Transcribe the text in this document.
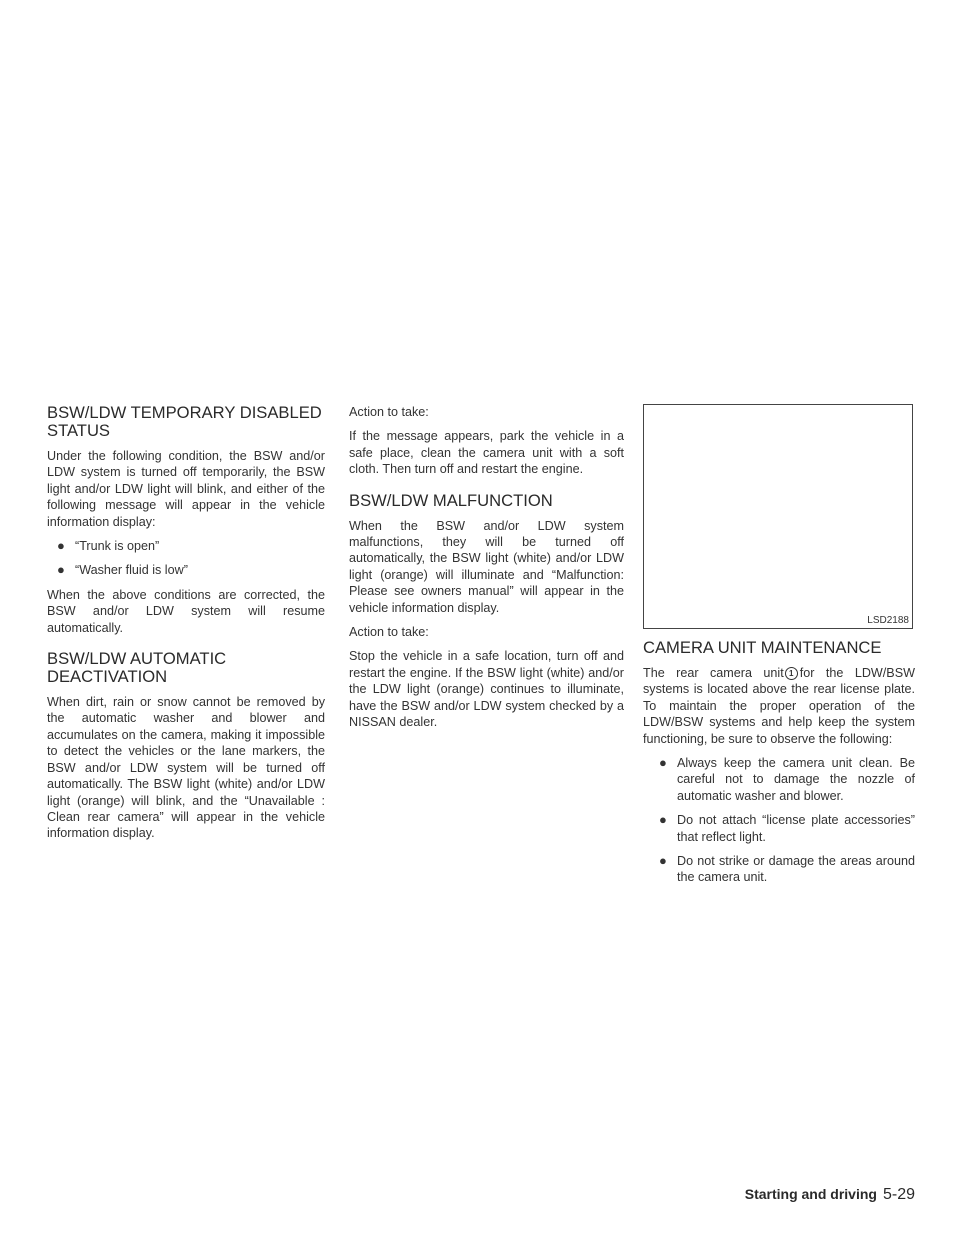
BSW/LDW TEMPORARY DISABLED STATUS

Under the following condition, the BSW and/or LDW system is turned off temporarily, the BSW light and/or LDW light will blink, and either of the following message will appear in the vehicle information display:

● “Trunk is open”
● “Washer fluid is low”

When the above conditions are corrected, the BSW and/or LDW system will resume automatically.

BSW/LDW AUTOMATIC DEACTIVATION

When dirt, rain or snow cannot be removed by the automatic washer and blower and accumulates on the camera, making it impossible to detect the vehicles or the lane markers, the BSW and/or LDW system will be turned off automatically. The BSW light (white) and/or LDW light (orange) will blink, and the “Unavailable : Clean rear camera” will appear in the vehicle information display.

Action to take:

If the message appears, park the vehicle in a safe place, clean the camera unit with a soft cloth. Then turn off and restart the engine.

BSW/LDW MALFUNCTION

When the BSW and/or LDW system malfunctions, they will be turned off automatically, the BSW light (white) and/or LDW light (orange) will illuminate and “Malfunction: Please see owners manual” will appear in the vehicle information display.

Action to take:

Stop the vehicle in a safe location, turn off and restart the engine. If the BSW light (white) and/or the LDW light (orange) continues to illuminate, have the BSW and/or LDW system checked by a NISSAN dealer.

LSD2188
CAMERA UNIT MAINTENANCE

The rear camera unit 1 for the LDW/BSW systems is located above the rear license plate. To maintain the proper operation of the LDW/BSW systems and help keep the system functioning, be sure to observe the following:

● Always keep the camera unit clean. Be careful not to damage the nozzle of automatic washer and blower.
● Do not attach “license plate accessories” that reflect light.
● Do not strike or damage the areas around the camera unit.
Starting and driving 5-29
